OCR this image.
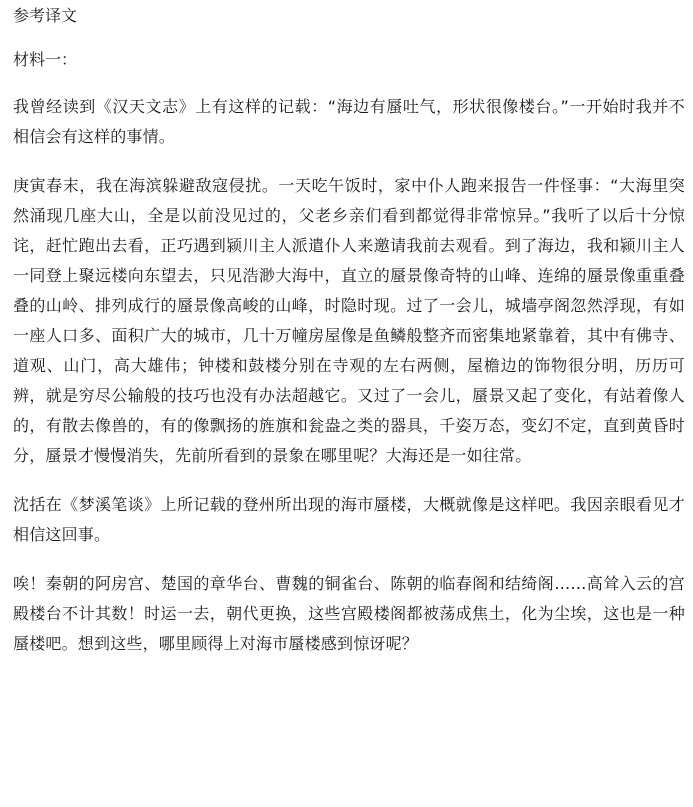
参考译文
材料一：

我曾经读到《汉天文志》上有这样的记载：“海边有蜃吐气，形状很像楼台。”一开始时我并不相信会有这样的事情。

庚寅春末，我在海滨躲避敌寇侵扰。一天吃午饭时，家中仆人跑来报告一件怪事：“大海里突然涌现几座大山，全是以前没见过的，父老乡亲们看到都觉得非常惊异。”我听了以后十分惊诧，赶忙跑出去看，正巧遇到颍川主人派遣仆人来邀请我前去观看。到了海边，我和颍川主人一同登上聚远楼向东望去，只见浩渺大海中，直立的蜃景像奇特的山峰、连绵的蜃景像重重叠叠的山岭、排列成行的蜃景像高峻的山峰，时隐时现。过了一会儿，城墙亭阁忽然浮现，有如一座人口多、面积广大的城市，几十万幢房屋像是鱼鳞般整齐而密集地紧靠着，其中有佛寺、道观、山门，高大雄伟；钟楼和鼓楼分别在寺观的左右两侧，屋檐边的饰物很分明，历历可辨，就是穷尽公输般的技巧也没有办法超越它。又过了一会儿，蜃景又起了变化，有站着像人的，有散去像兽的，有的像飘扬的旌旗和瓮盎之类的器具，千姿万态，变幻不定，直到黄昏时分，蜃景才慢慢消失，先前所看到的景象在哪里呢？大海还是一如往常。

沈括在《梦溪笔谈》上所记载的登州所出现的海市蜃楼，大概就像是这样吧。我因亲眼看见才相信这回事。

唉！秦朝的阿房宫、楚国的章华台、曹魏的铜雀台、陈朝的临春阁和结绮阁……高耸入云的宫殿楼台不计其数！时运一去，朝代更换，这些宫殿楼阁都被荡成焦土，化为尘埃，这也是一种蜃楼吧。想到这些，哪里顾得上对海市蜃楼感到惊讶呢？
